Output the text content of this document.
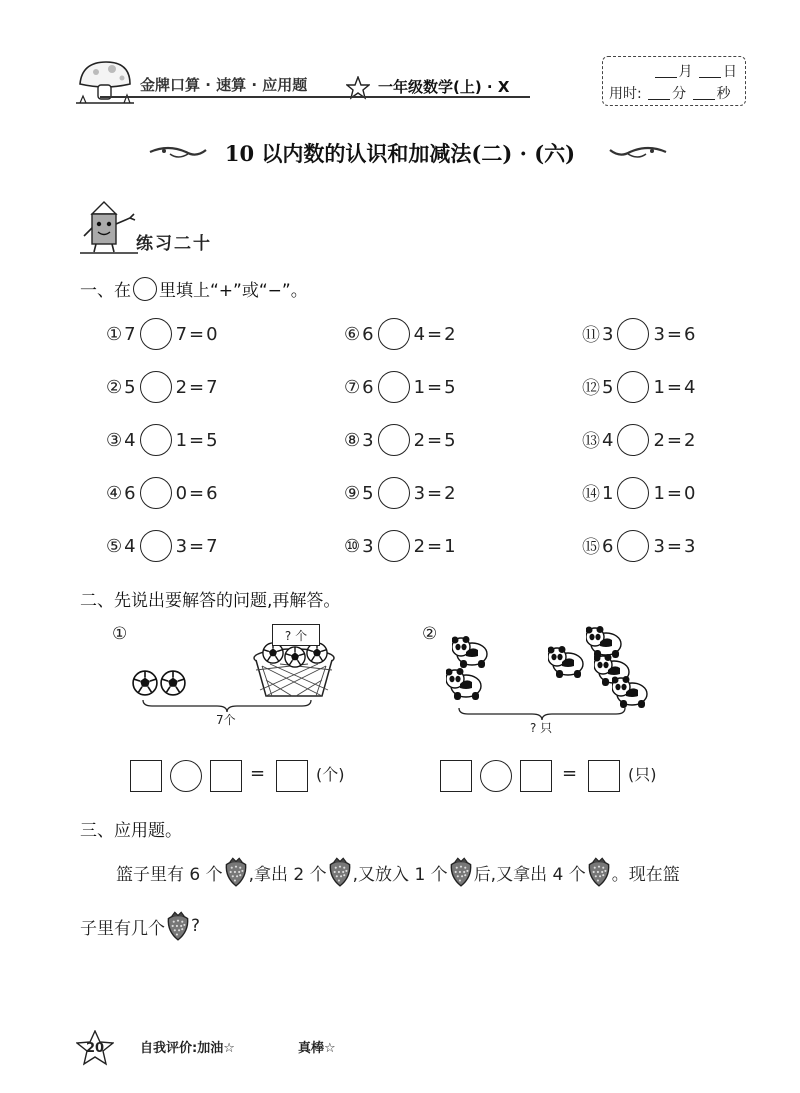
金牌口算 · 速算 · 应用题	一年级数学(上) · X
月 日
用时: 分 秒
10 以内数的认识和加减法(二) · (六)
练习二十
一、在 里填上“+”或“−”。
① 7 7 = 0	⑥ 6 4 = 2	⑪ 3 3 = 6
② 5 2 = 7	⑦ 6 1 = 5	⑫ 5 1 = 4
③ 4 1 = 5	⑧ 3 2 = 5	⑬ 4 2 = 2
④ 6 0 = 6	⑨ 5 3 = 2	⑭ 1 1 = 0
⑤ 4 3 = 7	⑩ 3 2 = 1	⑮ 6 3 = 3
二、先说出要解答的问题,再解答。
①	? 个
7个
②
? 只
=	(个)	=	(只)
三、应用题。
篮子里有 6 个 ,拿出 2 个 ,又放入 1 个 后,又拿出 4 个 。现在篮
子里有几个 ?
20	自我评价:加油☆	真棒☆
